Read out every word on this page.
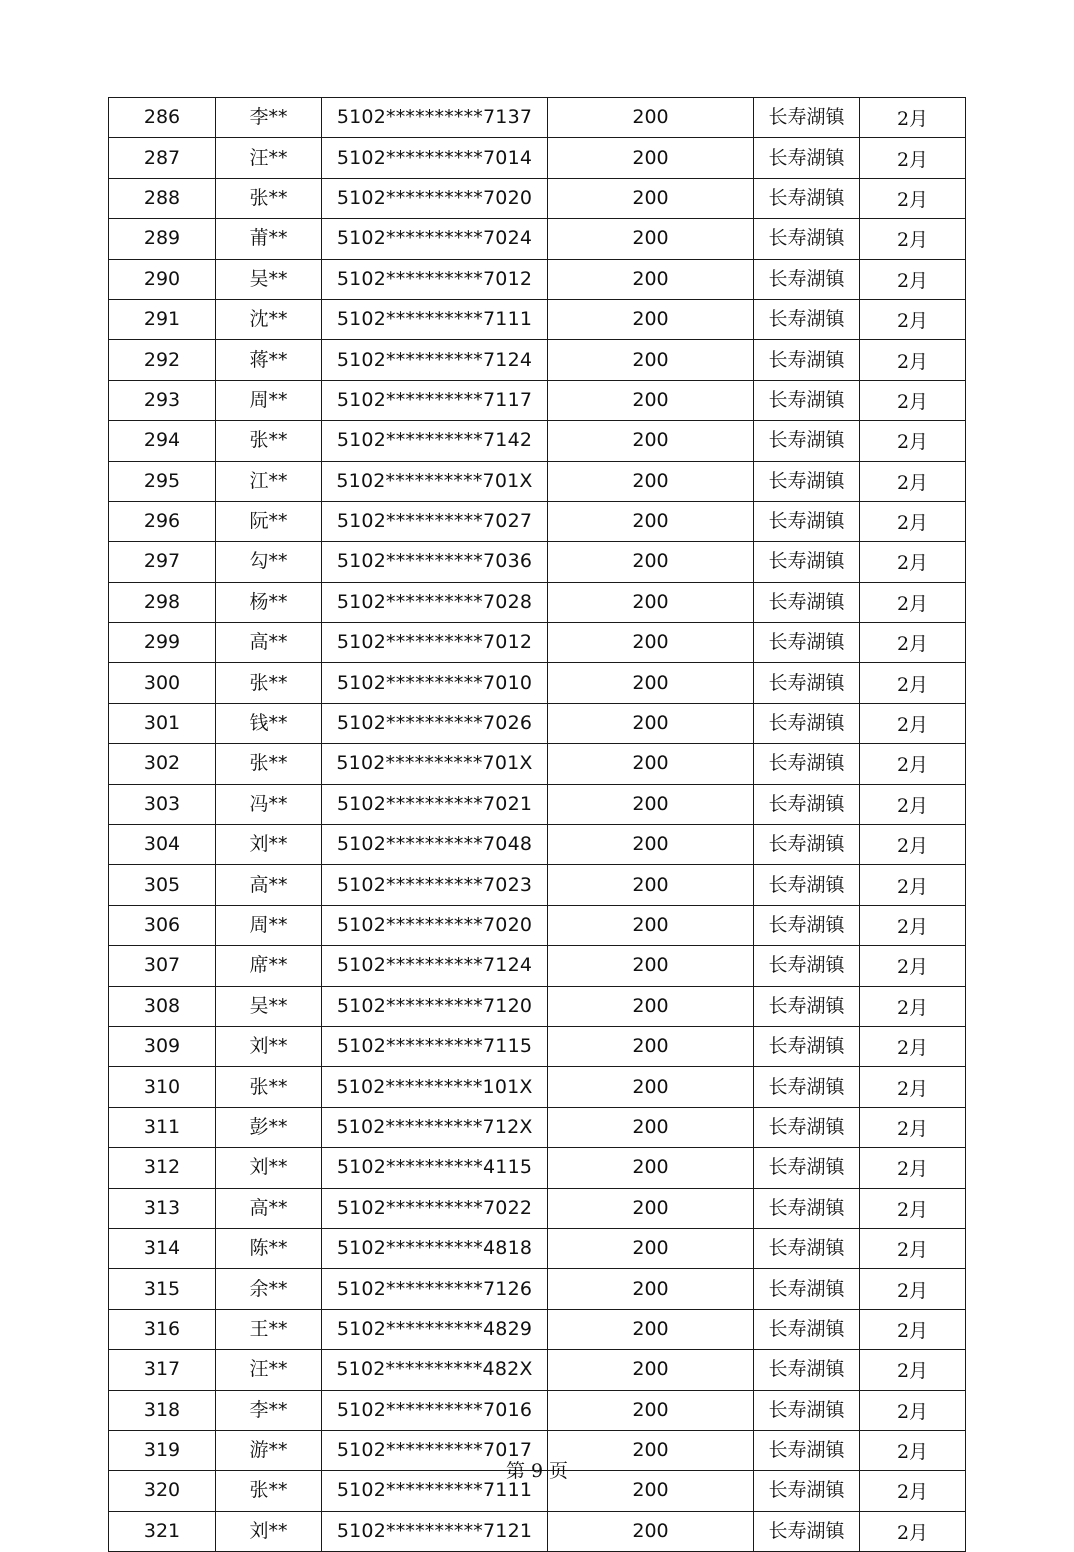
286	李**	5102**********7137	200	长寿湖镇	2月
287	汪**	5102**********7014	200	长寿湖镇	2月
288	张**	5102**********7020	200	长寿湖镇	2月
289	莆**	5102**********7024	200	长寿湖镇	2月
290	吴**	5102**********7012	200	长寿湖镇	2月
291	沈**	5102**********7111	200	长寿湖镇	2月
292	蒋**	5102**********7124	200	长寿湖镇	2月
293	周**	5102**********7117	200	长寿湖镇	2月
294	张**	5102**********7142	200	长寿湖镇	2月
295	江**	5102**********701X	200	长寿湖镇	2月
296	阮**	5102**********7027	200	长寿湖镇	2月
297	勾**	5102**********7036	200	长寿湖镇	2月
298	杨**	5102**********7028	200	长寿湖镇	2月
299	高**	5102**********7012	200	长寿湖镇	2月
300	张**	5102**********7010	200	长寿湖镇	2月
301	钱**	5102**********7026	200	长寿湖镇	2月
302	张**	5102**********701X	200	长寿湖镇	2月
303	冯**	5102**********7021	200	长寿湖镇	2月
304	刘**	5102**********7048	200	长寿湖镇	2月
305	高**	5102**********7023	200	长寿湖镇	2月
306	周**	5102**********7020	200	长寿湖镇	2月
307	席**	5102**********7124	200	长寿湖镇	2月
308	吴**	5102**********7120	200	长寿湖镇	2月
309	刘**	5102**********7115	200	长寿湖镇	2月
310	张**	5102**********101X	200	长寿湖镇	2月
311	彭**	5102**********712X	200	长寿湖镇	2月
312	刘**	5102**********4115	200	长寿湖镇	2月
313	高**	5102**********7022	200	长寿湖镇	2月
314	陈**	5102**********4818	200	长寿湖镇	2月
315	余**	5102**********7126	200	长寿湖镇	2月
316	王**	5102**********4829	200	长寿湖镇	2月
317	汪**	5102**********482X	200	长寿湖镇	2月
318	李**	5102**********7016	200	长寿湖镇	2月
319	游**	5102**********7017	200	长寿湖镇	2月
320	张**	5102**********7111	200	长寿湖镇	2月
321	刘**	5102**********7121	200	长寿湖镇	2月
第 9 页
